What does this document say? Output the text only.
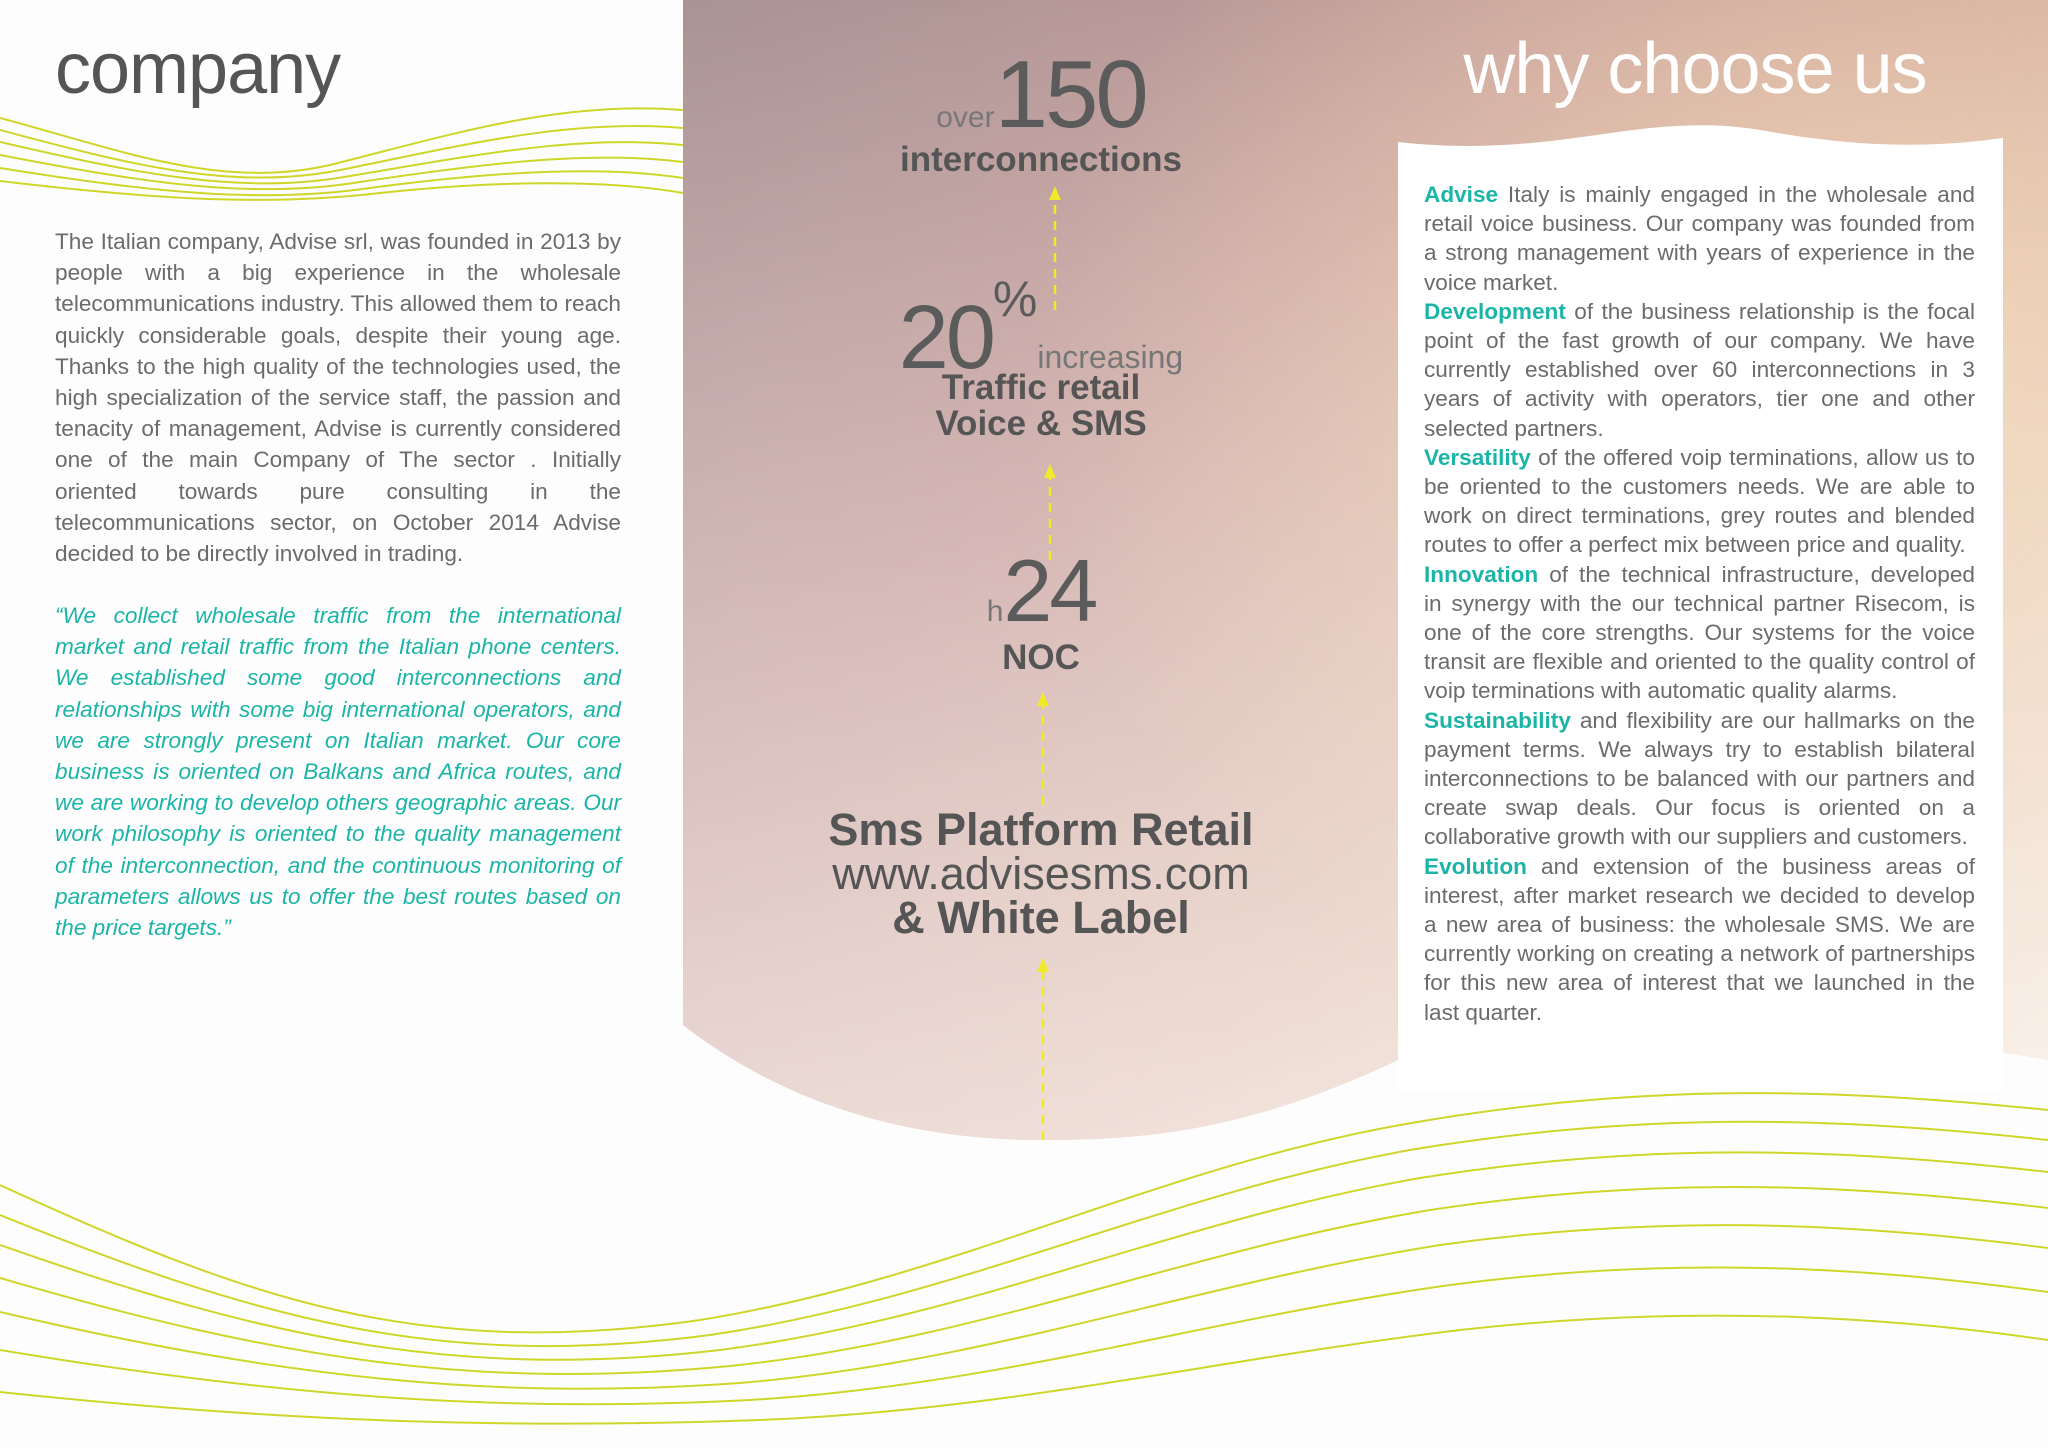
company
The Italian company, Advise srl, was founded in 2013 by people with a big experience in the wholesale telecommunications industry. This allowed them to reach quickly considerable goals, despite their young age. Thanks to the high quality of the technologies used, the high specialization of the service staff, the passion and tenacity of management, Advise is currently considered one of the main Company of The sector . Initially oriented towards pure consulting in the telecommunications sector, on October 2014 Advise decided to be directly involved in trading.
“We collect wholesale traffic from the international market and retail traffic from the Italian phone centers. We established some good interconnections and relationships with some big international operators, and we are strongly present on Italian market. Our core business is oriented on Balkans and Africa routes, and we are working to develop others geographic areas. Our work philosophy is oriented to the quality management of the interconnection, and the continuous monitoring of parameters allows us to offer the best routes based on the price targets.”
over150
interconnections
20%increasing
Traffic retail
Voice & SMS
h24
NOC
Sms Platform Retail
www.advisesms.com
& White Label
why choose us

Advise Italy is mainly engaged in the wholesale and retail voice business. Our company was founded from a strong management with years of experience in the voice market.

Development of the business relationship is the focal point of the fast growth of our company. We have currently established over 60 interconnections in 3 years of activity with operators, tier one and other selected partners.

Versatility of the offered voip terminations, allow us to be oriented to the customers needs. We are able to work on direct terminations, grey routes and blended routes to offer a perfect mix between price and quality.

Innovation of the technical infrastructure, developed in synergy with the our technical partner Risecom, is one of the core strengths. Our systems for the voice transit are flexible and oriented to the quality control of voip terminations with automatic quality alarms.

Sustainability and flexibility are our hallmarks on the payment terms. We always try to establish bilateral interconnections to be balanced with our partners and create swap deals. Our focus is oriented on a collaborative growth with our suppliers and customers.

Evolution and extension of the business areas of interest, after market research we decided to develop a new area of business: the wholesale SMS. We are currently working on creating a network of partnerships for this new area of interest that we launched in the last quarter.
